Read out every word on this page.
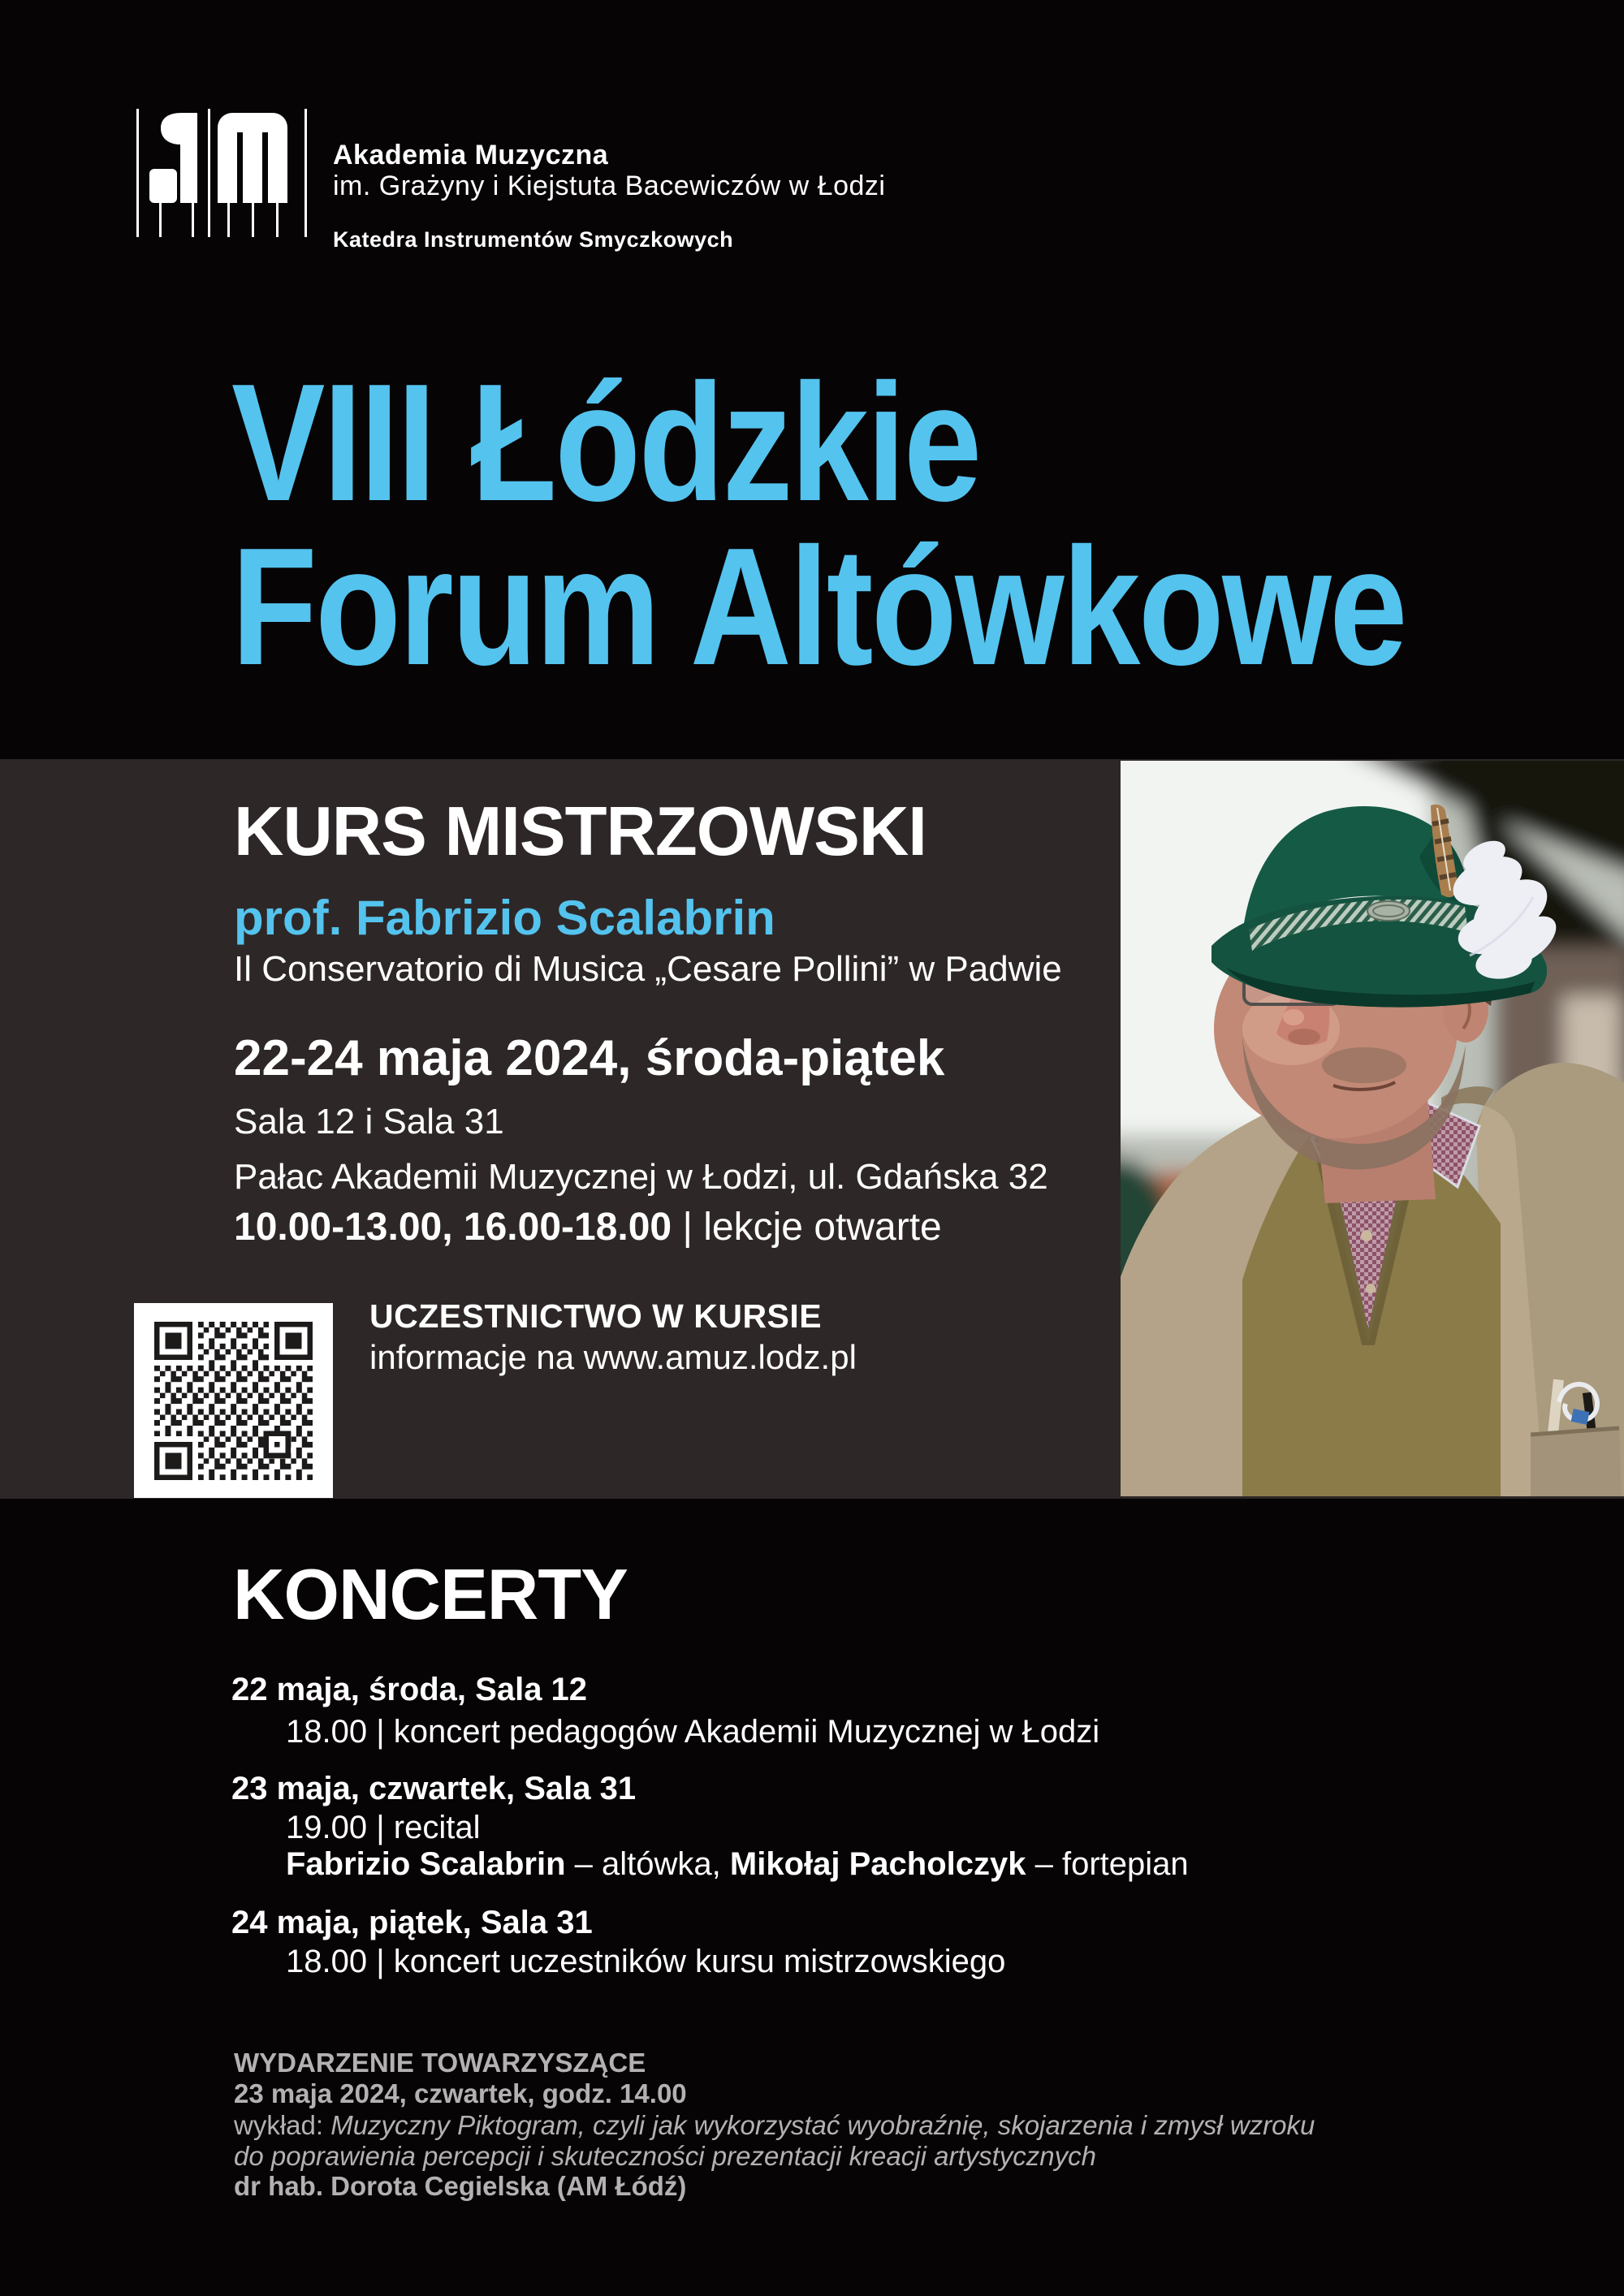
Akademia Muzyczna
im. Grażyny i Kiejstuta Bacewiczów w Łodzi
Katedra Instrumentów Smyczkowych
VIII Łódzkie
Forum Altówkowe
KURS MISTRZOWSKI
prof. Fabrizio Scalabrin
Il Conservatorio di Musica „Cesare Pollini” w Padwie
22-24 maja 2024, środa-piątek
Sala 12 i Sala 31
Pałac Akademii Muzycznej w Łodzi, ul. Gdańska 32
10.00-13.00, 16.00-18.00 | lekcje otwarte
UCZESTNICTWO W KURSIE
informacje na www.amuz.lodz.pl
KONCERTY
22 maja, środa, Sala 12
18.00 | koncert pedagogów Akademii Muzycznej w Łodzi
23 maja, czwartek, Sala 31
19.00 | recital
Fabrizio Scalabrin – altówka, Mikołaj Pacholczyk – fortepian
24 maja, piątek, Sala 31
18.00 | koncert uczestników kursu mistrzowskiego
WYDARZENIE TOWARZYSZĄCE
23 maja 2024, czwartek, godz. 14.00
wykład: Muzyczny Piktogram, czyli jak wykorzystać wyobraźnię, skojarzenia i zmysł wzroku
do poprawienia percepcji i skuteczności prezentacji kreacji artystycznych
dr hab. Dorota Cegielska (AM Łódź)
